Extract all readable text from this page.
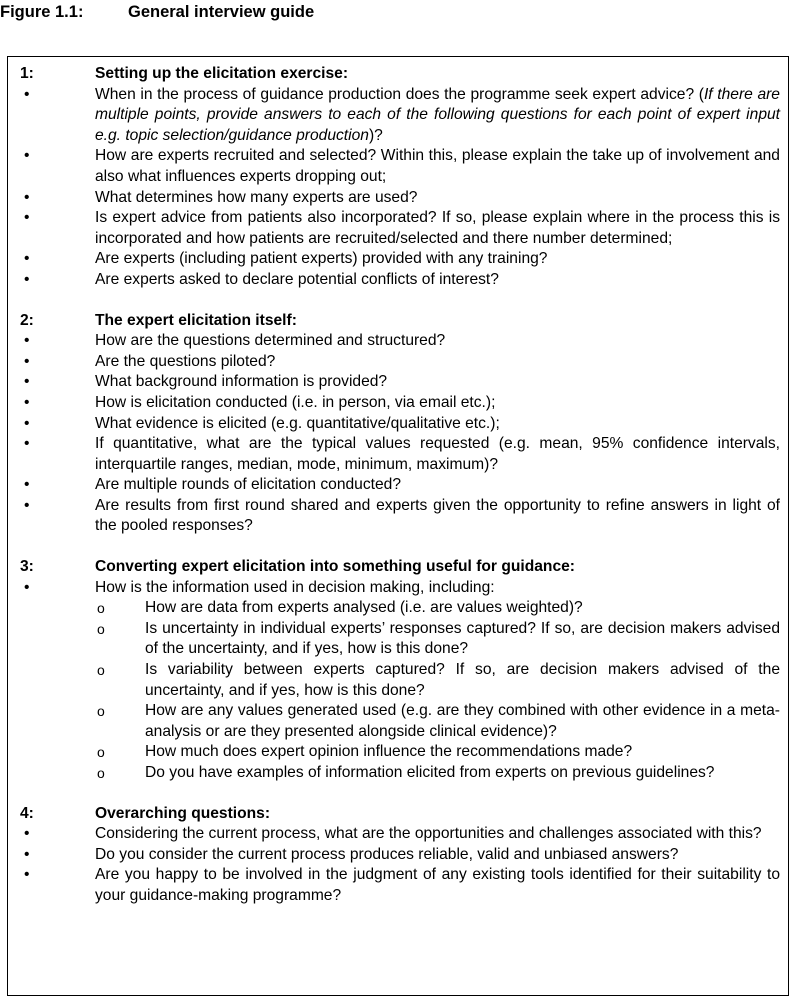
Figure 1.1:	General interview guide
1:	Setting up the elicitation exercise:
•	When in the process of guidance production does the programme seek expert advice? (If there are multiple points, provide answers to each of the following questions for each point of expert input e.g. topic selection/guidance production)?
•	How are experts recruited and selected? Within this, please explain the take up of involvement and also what influences experts dropping out;
•	What determines how many experts are used?
•	Is expert advice from patients also incorporated? If so, please explain where in the process this is incorporated and how patients are recruited/selected and there number determined;
•	Are experts (including patient experts) provided with any training?
•	Are experts asked to declare potential conflicts of interest?
2:	The expert elicitation itself:
•	How are the questions determined and structured?
•	Are the questions piloted?
•	What background information is provided?
•	How is elicitation conducted (i.e. in person, via email etc.);
•	What evidence is elicited (e.g. quantitative/qualitative etc.);
•	If quantitative, what are the typical values requested (e.g. mean, 95% confidence intervals, interquartile ranges, median, mode, minimum, maximum)?
•	Are multiple rounds of elicitation conducted?
•	Are results from first round shared and experts given the opportunity to refine answers in light of the pooled responses?
3:	Converting expert elicitation into something useful for guidance:
•	How is the information used in decision making, including:
o	How are data from experts analysed (i.e. are values weighted)?
o	Is uncertainty in individual experts’ responses captured? If so, are decision makers advised of the uncertainty, and if yes, how is this done?
o	Is variability between experts captured? If so, are decision makers advised of the uncertainty, and if yes, how is this done?
o	How are any values generated used (e.g. are they combined with other evidence in a meta-analysis or are they presented alongside clinical evidence)?
o	How much does expert opinion influence the recommendations made?
o	Do you have examples of information elicited from experts on previous guidelines?
4:	Overarching questions:
•	Considering the current process, what are the opportunities and challenges associated with this?
•	Do you consider the current process produces reliable, valid and unbiased answers?
•	Are you happy to be involved in the judgment of any existing tools identified for their suitability to your guidance-making programme?
